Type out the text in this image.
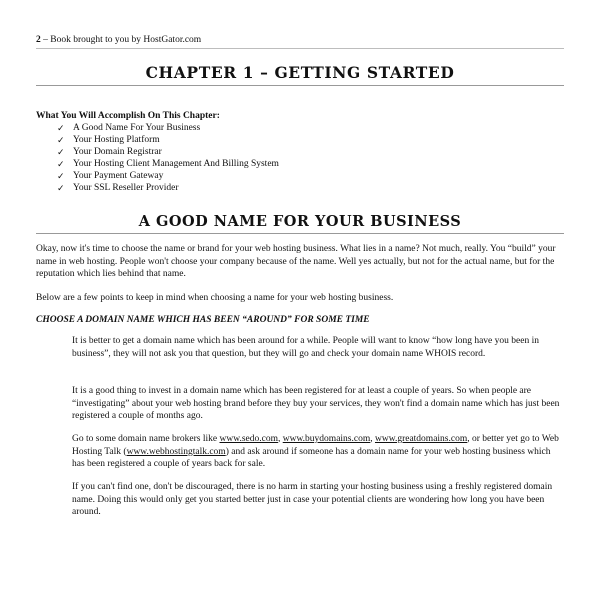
2 – Book brought to you by HostGator.com
CHAPTER 1 – GETTING STARTED
What You Will Accomplish On This Chapter:
✓ A Good Name For Your Business
✓ Your Hosting Platform
✓ Your Domain Registrar
✓ Your Hosting Client Management And Billing System
✓ Your Payment Gateway
✓ Your SSL Reseller Provider
A GOOD NAME FOR YOUR BUSINESS
Okay, now it's time to choose the name or brand for your web hosting business. What lies in a name? Not much, really. You “build” your name in web hosting. People won't choose your company because of the name. Well yes actually, but not for the actual name, but for the reputation which lies behind that name.
Below are a few points to keep in mind when choosing a name for your web hosting business.
CHOOSE A DOMAIN NAME WHICH HAS BEEN “AROUND” FOR SOME TIME
It is better to get a domain name which has been around for a while. People will want to know “how long have you been in business”, they will not ask you that question, but they will go and check your domain name WHOIS record.
It is a good thing to invest in a domain name which has been registered for at least a couple of years. So when people are “investigating” about your web hosting brand before they buy your services, they won't find a domain name which has just been registered a couple of months ago.
Go to some domain name brokers like www.sedo.com, www.buydomains.com, www.greatdomains.com, or better yet go to Web Hosting Talk (www.webhostingtalk.com) and ask around if someone has a domain name for your web hosting business which has been registered a couple of years back for sale.
If you can't find one, don't be discouraged, there is no harm in starting your hosting business using a freshly registered domain name. Doing this would only get you started better just in case your potential clients are wondering how long you have been around.
